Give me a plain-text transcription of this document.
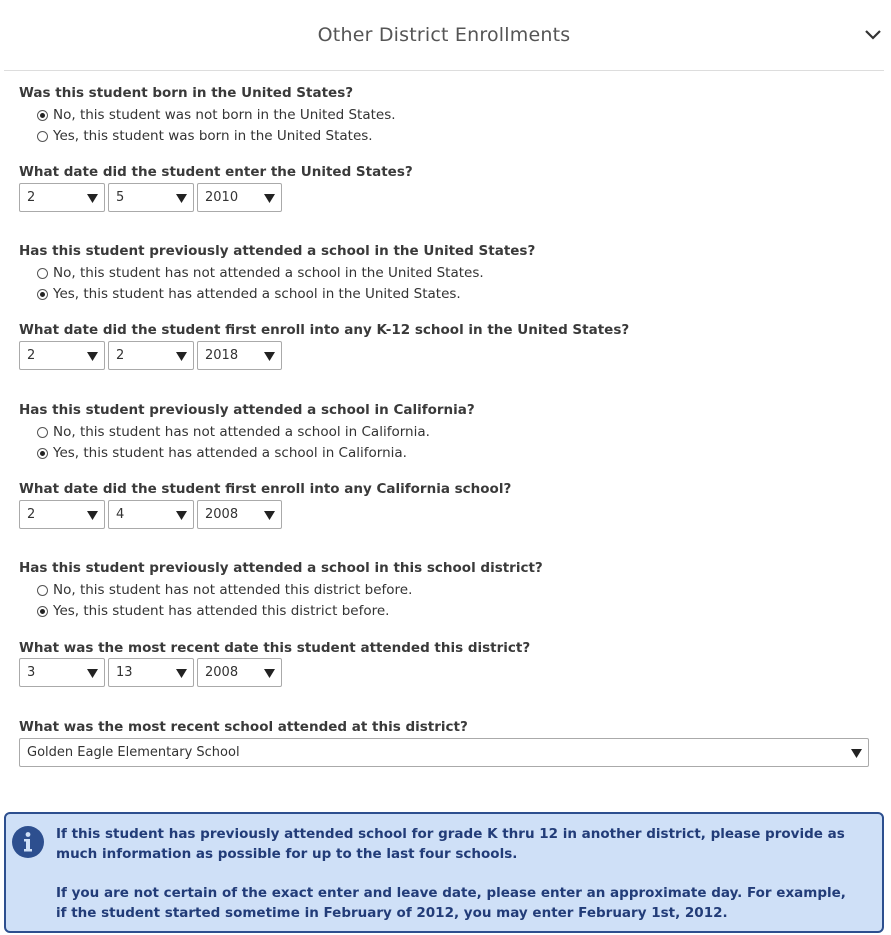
Other District Enrollments
Was this student born in the United States?
No, this student was not born in the United States.
Yes, this student was born in the United States.
What date did the student enter the United States?
2	5	2010
Has this student previously attended a school in the United States?
No, this student has not attended a school in the United States.
Yes, this student has attended a school in the United States.
What date did the student first enroll into any K-12 school in the United States?
2	2	2018
Has this student previously attended a school in California?
No, this student has not attended a school in California.
Yes, this student has attended a school in California.
What date did the student first enroll into any California school?
2	4	2008
Has this student previously attended a school in this school district?
No, this student has not attended this district before.
Yes, this student has attended this district before.
What was the most recent date this student attended this district?
3	13	2008
What was the most recent school attended at this district?
Golden Eagle Elementary School
If this student has previously attended school for grade K thru 12 in another district, please provide as much information as possible for up to the last four schools.
If you are not certain of the exact enter and leave date, please enter an approximate day. For example, if the student started sometime in February of 2012, you may enter February 1st, 2012.
